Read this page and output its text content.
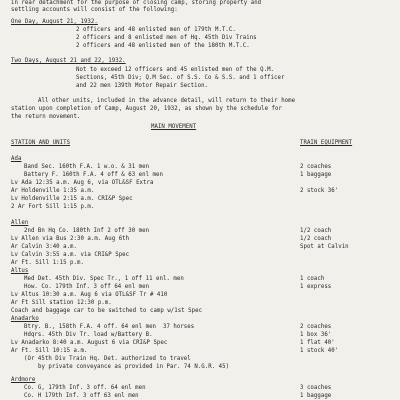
in rear detachment for the purpose of closing camp, storing property and
settling accounts will consist of the following:
One Day, August 21, 1932.
2 officers and 48 enlisted men of 179th M.T.C.
2 officers and 8 enlisted men of Hq. 45th Div Trains
2 officers and 48 enlisted men of the 180th M.T.C.
Two Days, August 21 and 22, 1932.
Not to exceed 12 officers and 45 enlisted men of the Q.M.
Sections, 45th Div; Q.M Sec. of S.S. Co & S.S. and 1 officer
and 22 men 139th Motor Repair Section.
All other units, included in the advance detail, will return to their home
station upon completion of Camp, August 20, 1932, as shown by the schedule for
the return movement.
MAIN MOVEMENT
STATION AND UNITS	TRAIN EQUIPMENT
Ada
Band Sec. 160th F.A. 1 w.o. & 31 men	2 coaches
Battery F. 160th F.A. 4 off & 63 enl men	1 baggage
Lv Ada 12:35 a.m. Aug 6, via OTL&SF Extra
Ar Holdenville 1:35 a.m.	2 stock 36'
Lv Holdenville 2:15 a.m. CRI&P Spec
2 Ar Fort Sill 1:15 p.m.
Allen
2nd Bn Hq Co. 180th Inf 2 off 30 men	1/2 coach
Lv Allen via Bus 2:30 a.m. Aug 6th	1/2 coach
Ar Calvin 3:40 a.m.	Spot at Calvin
Lv Calvin 3:55 a.m. via CRI&P Spec
Ar Ft. Sill 1:15 p.m.
Altus
Med Det. 45th Div. Spec Tr., 1 off 11 enl. men	1 coach
How. Co. 179th Inf. 3 off 64 enl men	1 express
Lv Altus 10:30 a.m. Aug 6 via OTL&SF Tr # 410
Ar Ft Sill station 12:30 p.m.
Coach and baggage car to be switched to camp w/1st Spec
Anadarko
Btry. B., 158th F.A. 4 off. 64 enl men  37 horses	2 coaches
Hdqrs. 45th Div Tr. load w/Battery B.	1 box 36'
Lv Anadarko 8:40 a.m. August 6 via CRI&P Spec	1 flat 40'
Ar Ft. Sill 10:15 a.m.	1 stock 40'
(Or 45th Div Train Hq. Det. authorized to travel
by private conveyance as provided in Par. 74 N.G.R. 45)
Ardmore
Co. G, 179th Inf. 3 off. 64 enl men	3 coaches
Co. H 179th Inf. 3 off 63 enl men	1 baggage
